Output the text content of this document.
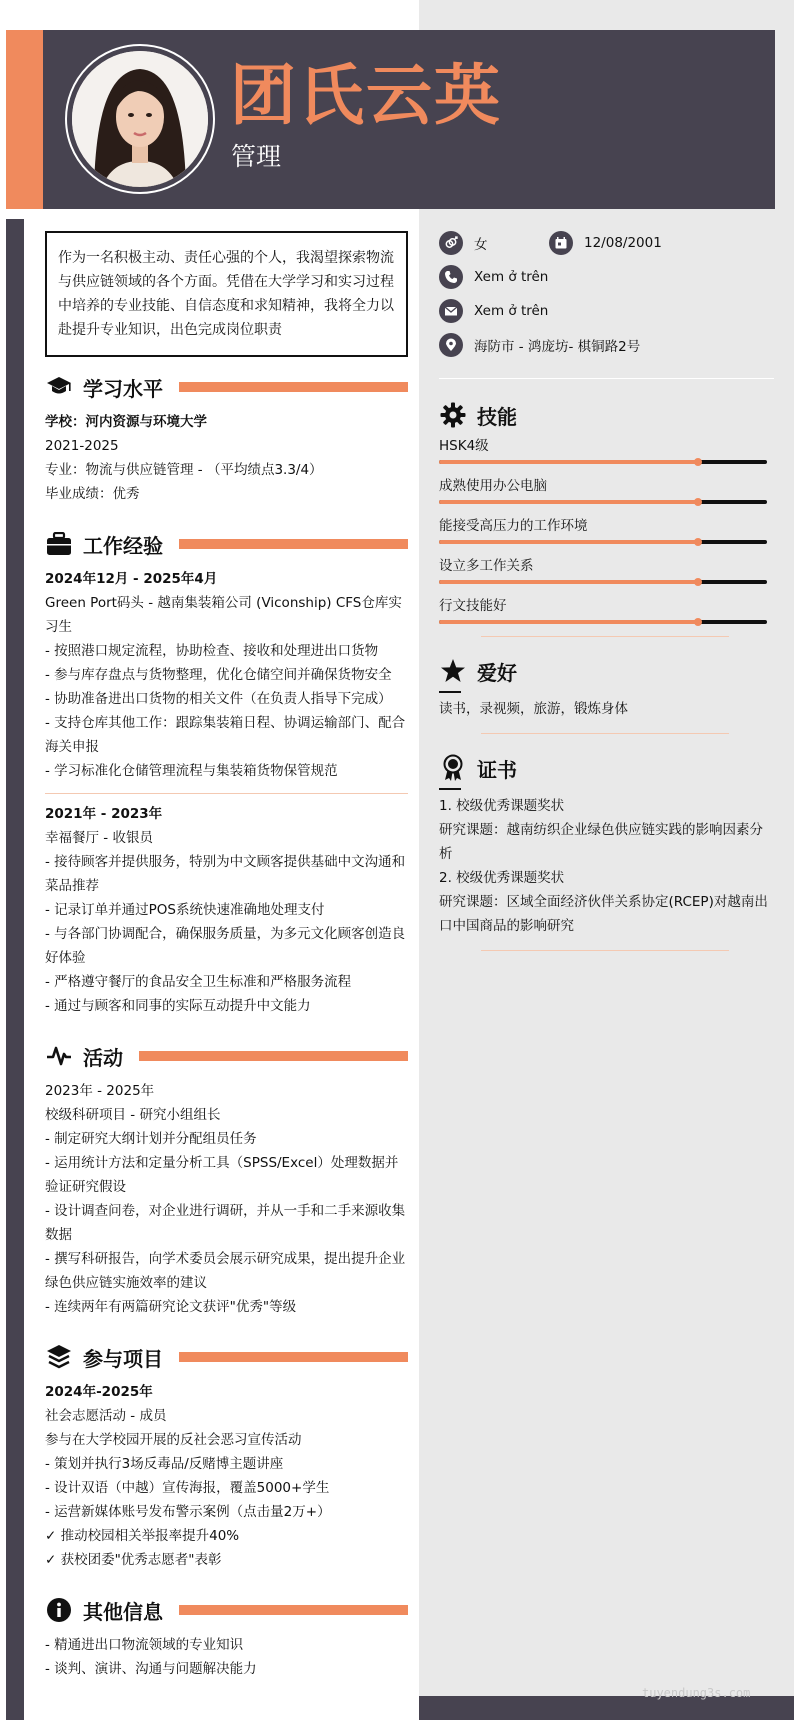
团氏云英
管理
作为一名积极主动、责任心强的个人，我渴望探索物流与供应链领域的各个方面。凭借在大学学习和实习过程中培养的专业技能、自信态度和求知精神，我将全力以赴提升专业知识，出色完成岗位职责
学习水平
学校：河内资源与环境大学
2021-2025
专业：物流与供应链管理 - （平均绩点3.3/4）
毕业成绩：优秀
工作经验
2024年12月 - 2025年4月
Green Port码头 - 越南集装箱公司 (Viconship) CFS仓库实习生
- 按照港口规定流程，协助检查、接收和处理进出口货物
- 参与库存盘点与货物整理，优化仓储空间并确保货物安全
- 协助准备进出口货物的相关文件（在负责人指导下完成）
- 支持仓库其他工作：跟踪集装箱日程、协调运输部门、配合海关申报
- 学习标准化仓储管理流程与集装箱货物保管规范
2021年 - 2023年
幸福餐厅 - 收银员
- 接待顾客并提供服务，特别为中文顾客提供基础中文沟通和菜品推荐
- 记录订单并通过POS系统快速准确地处理支付
- 与各部门协调配合，确保服务质量，为多元文化顾客创造良好体验
- 严格遵守餐厅的食品安全卫生标准和严格服务流程
- 通过与顾客和同事的实际互动提升中文能力
活动
2023年 - 2025年
校级科研项目 - 研究小组组长
- 制定研究大纲计划并分配组员任务
- 运用统计方法和定量分析工具（SPSS/Excel）处理数据并验证研究假设
- 设计调查问卷，对企业进行调研，并从一手和二手来源收集数据
- 撰写科研报告，向学术委员会展示研究成果，提出提升企业绿色供应链实施效率的建议
- 连续两年有两篇研究论文获评"优秀"等级
参与项目
2024年-2025年
社会志愿活动 - 成员
参与在大学校园开展的反社会恶习宣传活动
- 策划并执行3场反毒品/反赌博主题讲座
- 设计双语（中越）宣传海报，覆盖5000+学生
- 运营新媒体账号发布警示案例（点击量2万+）
✓ 推动校园相关举报率提升40%
✓ 获校团委"优秀志愿者"表彰
其他信息
- 精通进出口物流领域的专业知识
- 谈判、演讲、沟通与问题解决能力
女	12/08/2001
Xem ở trên
Xem ở trên
海防市 - 鸿庞坊- 棋铜路2号
技能
HSK4级
成熟使用办公电脑
能接受高压力的工作环境
设立多工作关系
行文技能好
爱好
读书，录视频，旅游，锻炼身体
证书
1. 校级优秀课题奖状
研究课题：越南纺织企业绿色供应链实践的影响因素分析
2. 校级优秀课题奖状
研究课题：区域全面经济伙伴关系协定(RCEP)对越南出口中国商品的影响研究
tuyendung3s.com
